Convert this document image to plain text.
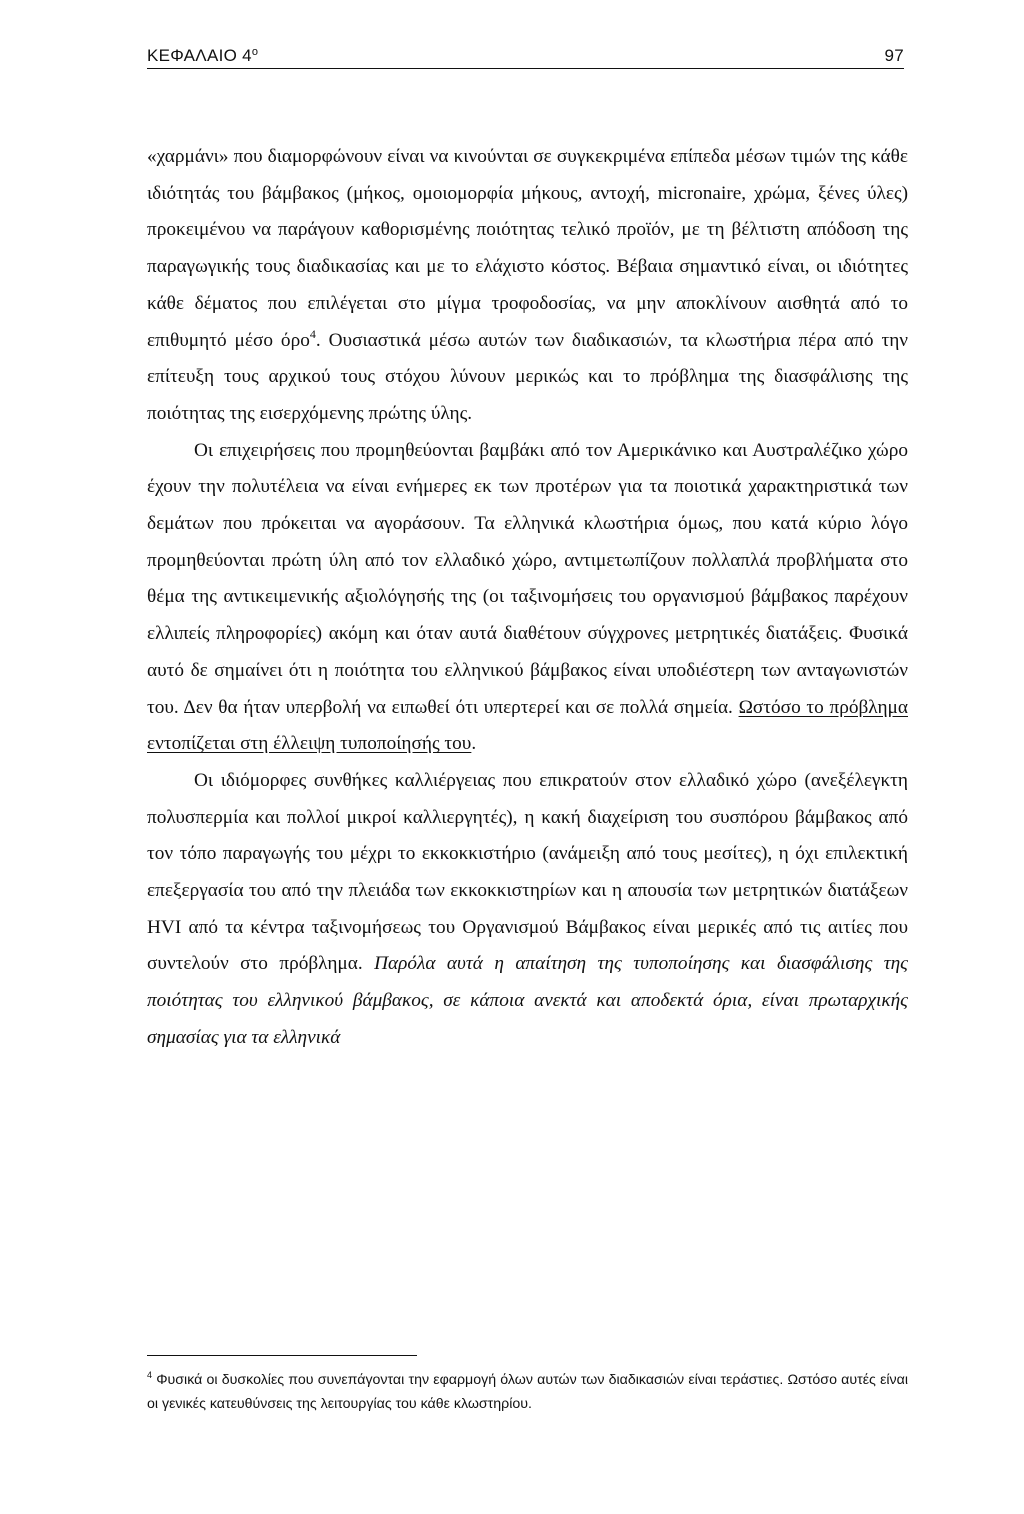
ΚΕΦΑΛΑΙΟ $4^o$	97

«χαρμάνι» που διαμορφώνουν είναι να κινούνται σε συγκεκριμένα επίπεδα μέσων τιμών της κάθε ιδιότητάς του βάμβακος (μήκος, ομοιομορφία μήκους, αντοχή, micronaire, χρώμα, ξένες ύλες) προκειμένου να παράγουν καθορισμένης ποιότητας τελικό προϊόν, με τη βέλτιστη απόδοση της παραγωγικής τους διαδικασίας και με το ελάχιστο κόστος. Βέβαια σημαντικό είναι, οι ιδιότητες κάθε δέματος που επιλέγεται στο μίγμα τροφοδοσίας, να μην αποκλίνουν αισθητά από το επιθυμητό μέσο όρο$^4$. Ουσιαστικά μέσω αυτών των διαδικασιών, τα κλωστήρια πέρα από την επίτευξη τους αρχικού τους στόχου λύνουν μερικώς και το πρόβλημα της διασφάλισης της ποιότητας της εισερχόμενης πρώτης ύλης.

Οι επιχειρήσεις που προμηθεύονται βαμβάκι από τον Αμερικάνικο και Αυστραλέζικο χώρο έχουν την πολυτέλεια να είναι ενήμερες εκ των προτέρων για τα ποιοτικά χαρακτηριστικά των δεμάτων που πρόκειται να αγοράσουν. Τα ελληνικά κλωστήρια όμως, που κατά κύριο λόγο προμηθεύονται πρώτη ύλη από τον ελλαδικό χώρο, αντιμετωπίζουν πολλαπλά προβλήματα στο θέμα της αντικειμενικής αξιολόγησής της (οι ταξινομήσεις του οργανισμού βάμβακος παρέχουν ελλιπείς πληροφορίες) ακόμη και όταν αυτά διαθέτουν σύγχρονες μετρητικές διατάξεις. Φυσικά αυτό δε σημαίνει ότι η ποιότητα του ελληνικού βάμβακος είναι υποδιέστερη των ανταγωνιστών του. Δεν θα ήταν υπερβολή να ειπωθεί ότι υπερτερεί και σε πολλά σημεία. Ωστόσο το πρόβλημα εντοπίζεται στη έλλειψη τυποποίησής του.

Οι ιδιόμορφες συνθήκες καλλιέργειας που επικρατούν στον ελλαδικό χώρο (ανεξέλεγκτη πολυσπερμία και πολλοί μικροί καλλιεργητές), η κακή διαχείριση του συσπόρου βάμβακος από τον τόπο παραγωγής του μέχρι το εκκοκκιστήριο (ανάμειξη από τους μεσίτες), η όχι επιλεκτική επεξεργασία του από την πλειάδα των εκκοκκιστηρίων και η απουσία των μετρητικών διατάξεων HVI από τα κέντρα ταξινομήσεως του Οργανισμού Βάμβακος είναι μερικές από τις αιτίες που συντελούν στο πρόβλημα. Παρόλα αυτά η απαίτηση της τυποποίησης και διασφάλισης της ποιότητας του ελληνικού βάμβακος, σε κάποια ανεκτά και αποδεκτά όρια, είναι πρωταρχικής σημασίας για τα ελληνικά

$^4$ Φυσικά οι δυσκολίες που συνεπάγονται την εφαρμογή όλων αυτών των διαδικασιών είναι τεράστιες. Ωστόσο αυτές είναι οι γενικές κατευθύνσεις της λειτουργίας του κάθε κλωστηρίου.
